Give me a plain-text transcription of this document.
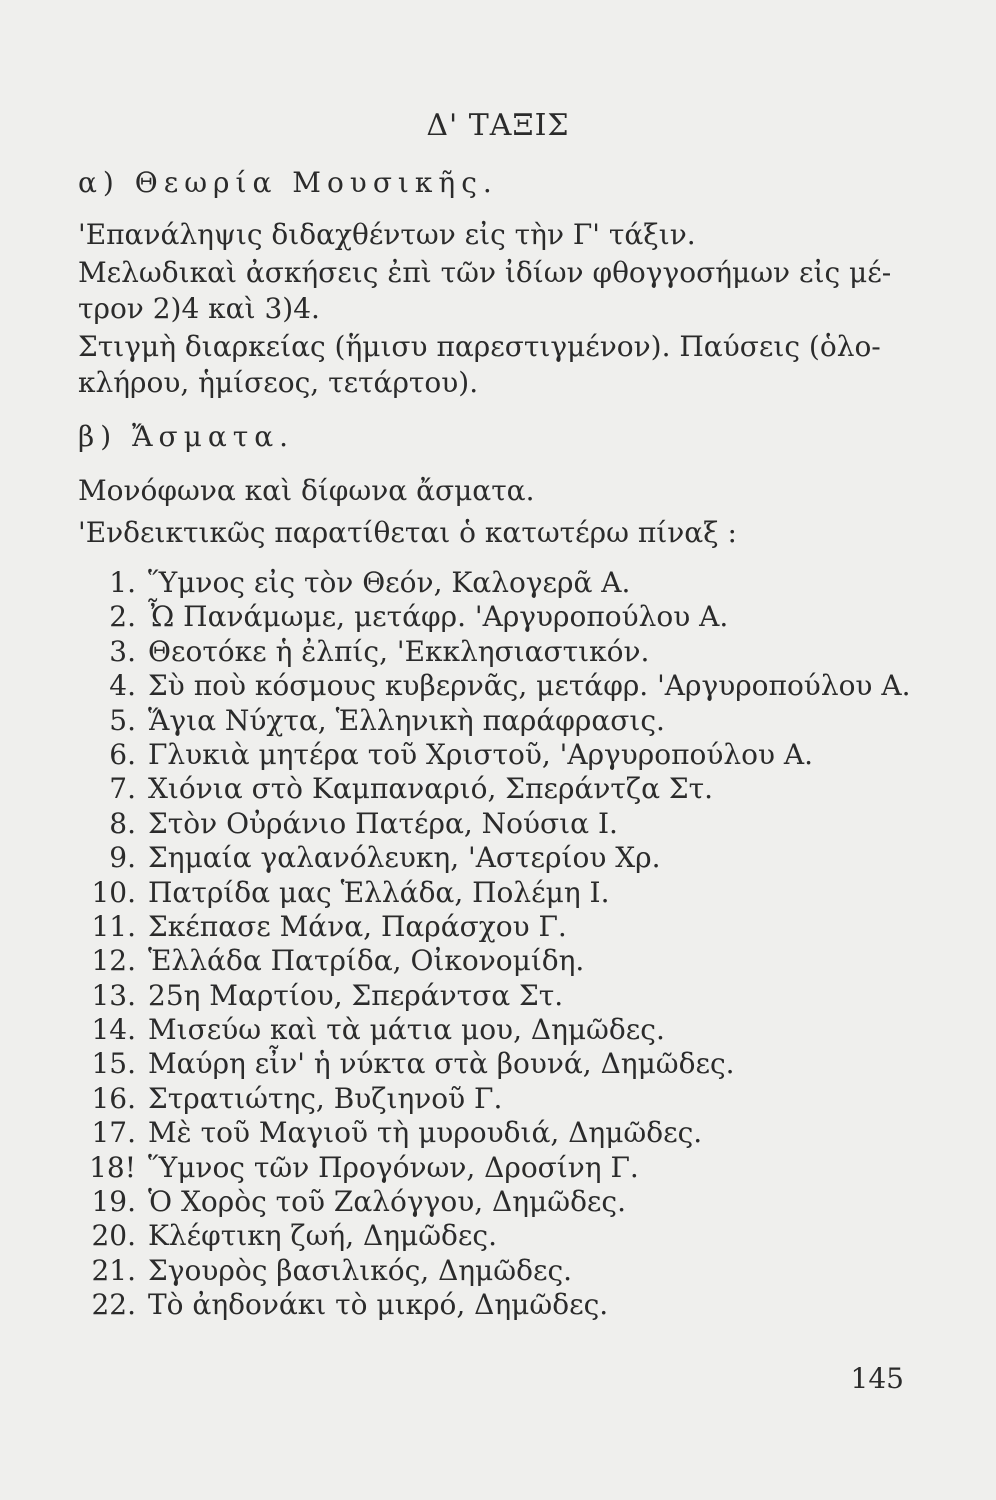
Δ' ΤΑΞΙΣ
α) Θεωρία Μουσικῆς.
'Επανάληψις διδαχθέντων εἰς τὴν Γ' τάξιν.
Μελωδικαὶ ἀσκήσεις ἐπὶ τῶν ἰδίων φθογγοσήμων εἰς μέ-
τρον 2)4 καὶ 3)4.
Στιγμὴ διαρκείας (ἥμισυ παρεστιγμένον). Παύσεις (ὁλο-
κλήρου, ἡμίσεος, τετάρτου).
β) Ἄσματα.
Μονόφωνα καὶ δίφωνα ἄσματα.
'Ενδεικτικῶς παρατίθεται ὁ κατωτέρω πίναξ :
1. Ὕμνος εἰς τὸν Θεόν, Καλογερᾶ Α.
2. Ὦ Πανάμωμε, μετάφρ. 'Αργυροπούλου Α.
3. Θεοτόκε ἡ ἐλπίς, 'Εκκλησιαστικόν.
4. Σὺ ποὺ κόσμους κυβερνᾶς, μετάφρ. 'Αργυροπούλου Α.
5. Ἅγια Νύχτα, Ἑλληνικὴ παράφρασις.
6. Γλυκιὰ μητέρα τοῦ Χριστοῦ, 'Αργυροπούλου Α.
7. Χιόνια στὸ Καμπαναριό, Σπεράντζα Στ.
8. Στὸν Οὐράνιο Πατέρα, Νούσια Ι.
9. Σημαία γαλανόλευκη, 'Αστερίου Χρ.
10. Πατρίδα μας Ἑλλάδα, Πολέμη Ι.
11. Σκέπασε Μάνα, Παράσχου Γ.
12. Ἑλλάδα Πατρίδα, Οἰκονομίδη.
13. 25η Μαρτίου, Σπεράντσα Στ.
14. Μισεύω καὶ τὰ μάτια μου, Δημῶδες.
15. Μαύρη εἶν' ἡ νύκτα στὰ βουνά, Δημῶδες.
16. Στρατιώτης, Βυζιηνοῦ Γ.
17. Μὲ τοῦ Μαγιοῦ τὴ μυρουδιά, Δημῶδες.
18! Ὕμνος τῶν Προγόνων, Δροσίνη Γ.
19. Ὁ Χορὸς τοῦ Ζαλόγγου, Δημῶδες.
20. Κλέφτικη ζωή, Δημῶδες.
21. Σγουρὸς βασιλικός, Δημῶδες.
22. Τὸ ἀηδονάκι τὸ μικρό, Δημῶδες.
145
